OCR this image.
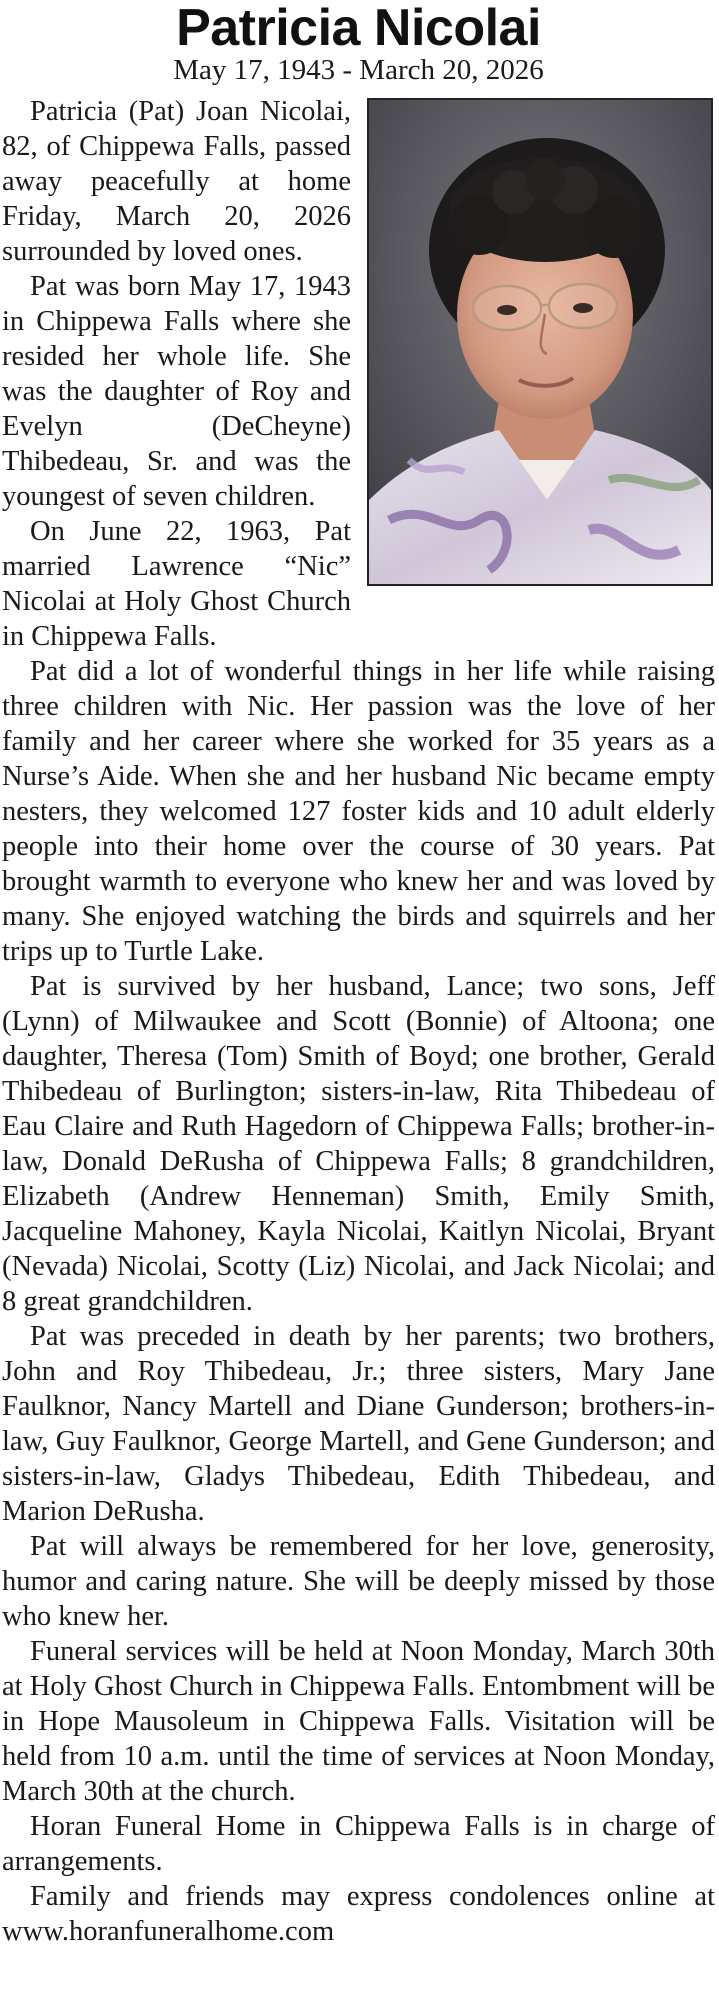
Patricia Nicolai
May 17, 1943 - March 20, 2026

Patricia (Pat) Joan Nicolai, 82, of Chippewa Falls, passed away peacefully at home Friday, March 20, 2026 surrounded by loved ones.

Pat was born May 17, 1943 in Chippewa Falls where she resided her whole life. She was the daughter of Roy and Evelyn (DeCheyne) Thibedeau, Sr. and was the youngest of seven children.

On June 22, 1963, Pat married Lawrence “Nic” Nicolai at Holy Ghost Church in Chippewa Falls.

Pat did a lot of wonderful things in her life while raising three children with Nic. Her passion was the love of her family and her career where she worked for 35 years as a Nurse’s Aide. When she and her husband Nic became empty nesters, they welcomed 127 foster kids and 10 adult elderly people into their home over the course of 30 years. Pat brought warmth to everyone who knew her and was loved by many. She enjoyed watching the birds and squirrels and her trips up to Turtle Lake.

Pat is survived by her husband, Lance; two sons, Jeff (Lynn) of Milwaukee and Scott (Bonnie) of Altoona; one daughter, Theresa (Tom) Smith of Boyd; one brother, Gerald Thibedeau of Burlington; sisters-in-law, Rita Thibedeau of Eau Claire and Ruth Hagedorn of Chippewa Falls; brother-in-law, Donald DeRusha of Chippewa Falls; 8 grandchildren, Elizabeth (Andrew Henneman) Smith, Emily Smith, Jacqueline Mahoney, Kayla Nicolai, Kaitlyn Nicolai, Bryant (Nevada) Nicolai, Scotty (Liz) Nicolai, and Jack Nicolai; and 8 great grandchildren.

Pat was preceded in death by her parents; two brothers, John and Roy Thibedeau, Jr.; three sisters, Mary Jane Faulknor, Nancy Martell and Diane Gunderson; brothers-in-law, Guy Faulknor, George Martell, and Gene Gunderson; and sisters-in-law, Gladys Thibedeau, Edith Thibedeau, and Marion DeRusha.

Pat will always be remembered for her love, generosity, humor and caring nature. She will be deeply missed by those who knew her.

Funeral services will be held at Noon Monday, March 30th at Holy Ghost Church in Chippewa Falls. Entombment will be in Hope Mausoleum in Chippewa Falls. Visitation will be held from 10 a.m. until the time of services at Noon Monday, March 30th at the church.

Horan Funeral Home in Chippewa Falls is in charge of arrangements.

Family and friends may express condolences online at www.horanfuneralhome.com
